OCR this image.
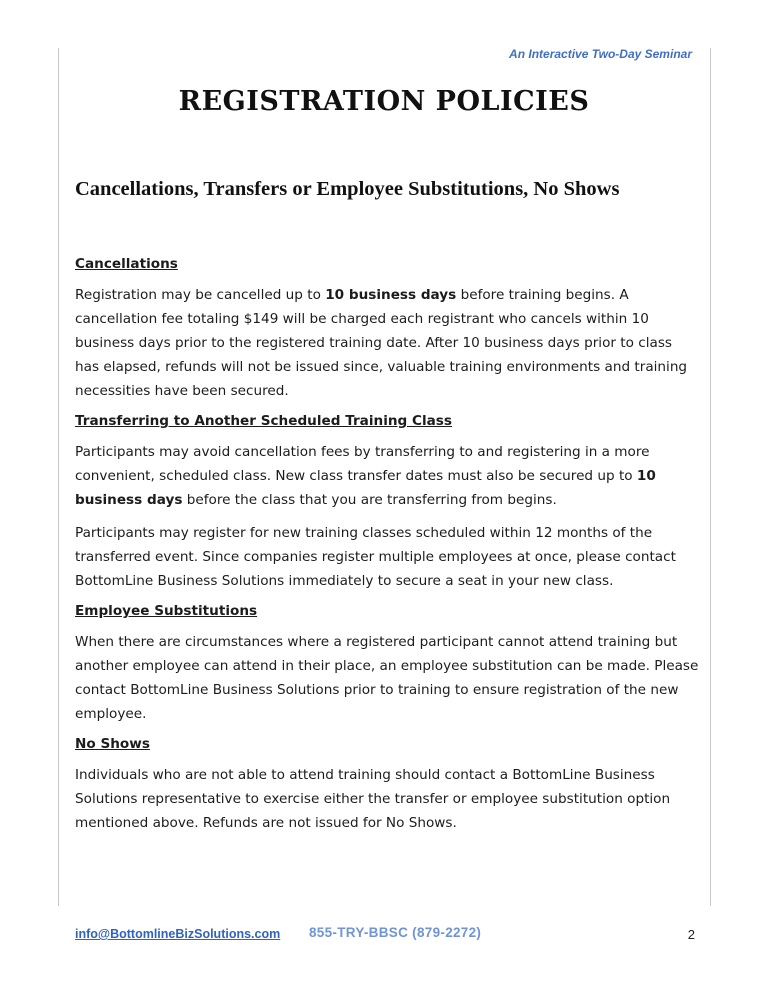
An Interactive Two-Day Seminar
REGISTRATION POLICIES
Cancellations, Transfers or Employee Substitutions, No Shows
Cancellations

Registration may be cancelled up to 10 business days before training begins. A cancellation fee totaling $149 will be charged each registrant who cancels within 10 business days prior to the registered training date. After 10 business days prior to class has elapsed, refunds will not be issued since, valuable training environments and training necessities have been secured.

Transferring to Another Scheduled Training Class

Participants may avoid cancellation fees by transferring to and registering in a more convenient, scheduled class. New class transfer dates must also be secured up to 10 business days before the class that you are transferring from begins.

Participants may register for new training classes scheduled within 12 months of the transferred event. Since companies register multiple employees at once, please contact BottomLine Business Solutions immediately to secure a seat in your new class.

Employee Substitutions

When there are circumstances where a registered participant cannot attend training but another employee can attend in their place, an employee substitution can be made. Please contact BottomLine Business Solutions prior to training to ensure registration of the new employee.

No Shows

Individuals who are not able to attend training should contact a BottomLine Business Solutions representative to exercise either the transfer or employee substitution option mentioned above. Refunds are not issued for No Shows.

info@BottomlineBizSolutions.com 855-TRY-BBSC (879-2272)	2
